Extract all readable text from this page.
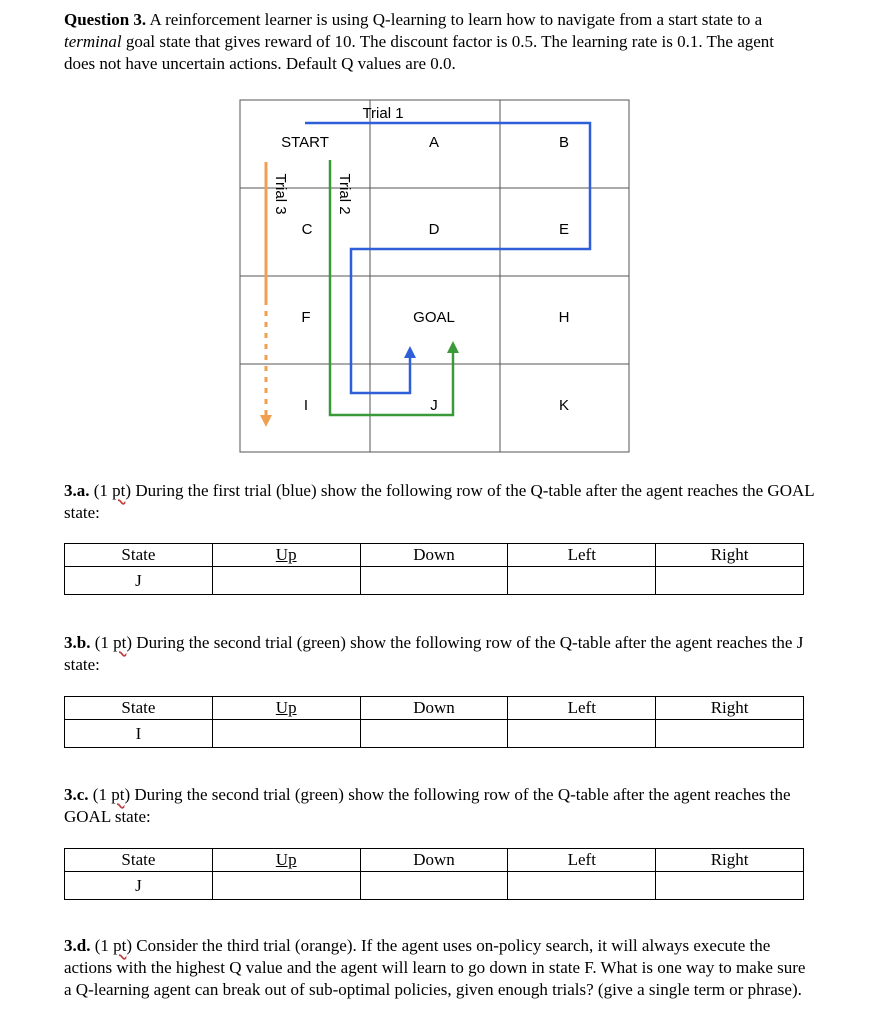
Question 3. A reinforcement learner is using Q-learning to learn how to navigate from a start state to a terminal goal state that gives reward of 10. The discount factor is 0.5. The learning rate is 0.1. The agent does not have uncertain actions. Default Q values are 0.0.
Trial 1
Trial 3	Trial 2
START	A	B
C	D	E
F	GOAL	H
I	J	K
3.a. (1 pt) During the first trial (blue) show the following row of the Q-table after the agent reaches the GOAL state:
State	Up	Down	Left	Right
J				
3.b. (1 pt) During the second trial (green) show the following row of the Q-table after the agent reaches the J state:
State	Up	Down	Left	Right
I				
3.c. (1 pt) During the second trial (green) show the following row of the Q-table after the agent reaches the GOAL state:
State	Up	Down	Left	Right
J				
3.d. (1 pt) Consider the third trial (orange). If the agent uses on-policy search, it will always execute the actions with the highest Q value and the agent will learn to go down in state F. What is one way to make sure a Q-learning agent can break out of sub-optimal policies, given enough trials? (give a single term or phrase).
